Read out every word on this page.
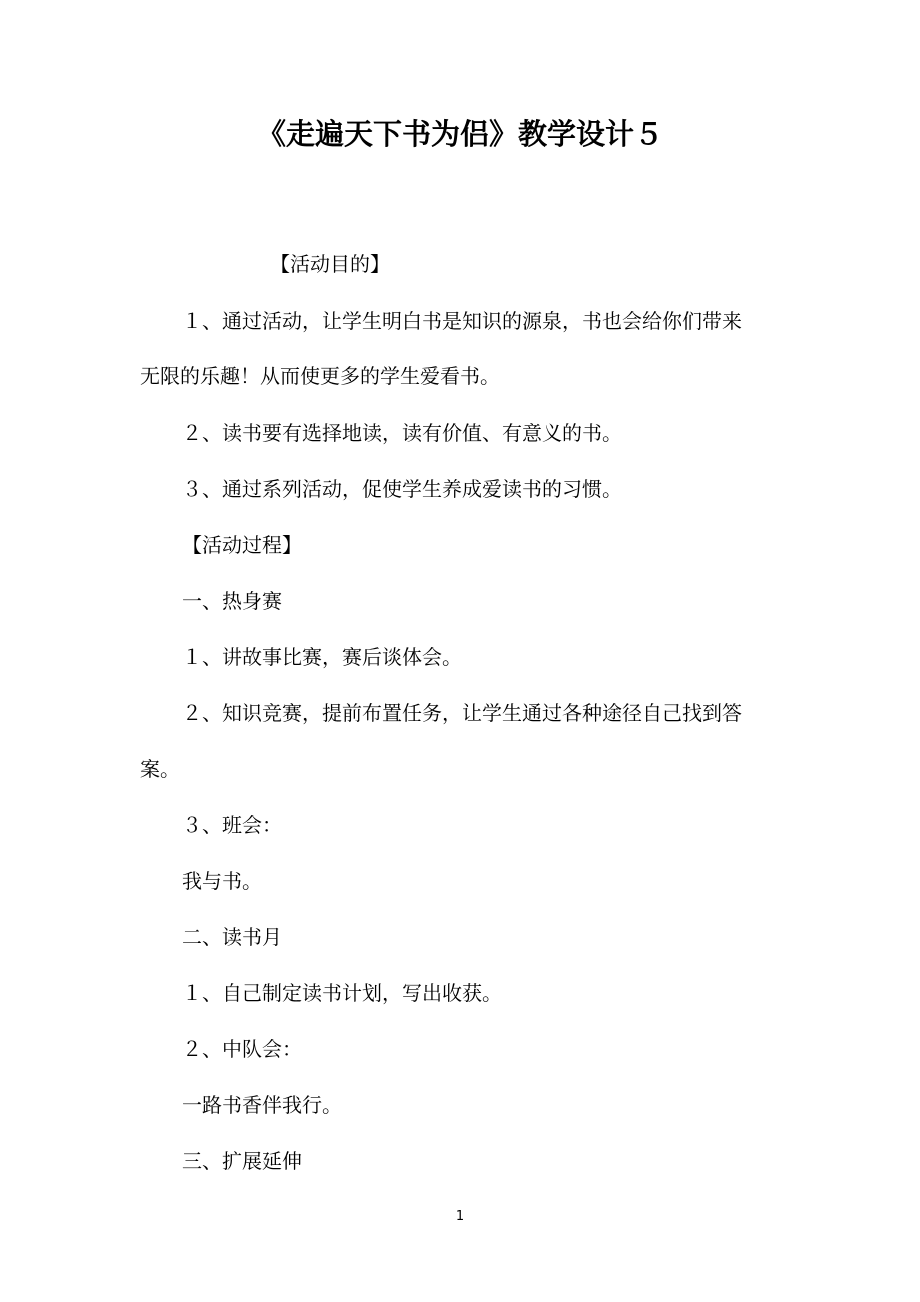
《走遍天下书为侣》教学设计５

【活动目的】

１、通过活动，让学生明白书是知识的源泉，书也会给你们带来

无限的乐趣！从而使更多的学生爱看书。

２、读书要有选择地读，读有价值、有意义的书。

３、通过系列活动，促使学生养成爱读书的习惯。

【活动过程】

一、热身赛

１、讲故事比赛，赛后谈体会。

２、知识竞赛，提前布置任务，让学生通过各种途径自己找到答

案。

３、班会：

我与书。

二、读书月

１、自己制定读书计划，写出收获。

２、中队会：

一路书香伴我行。

三、扩展延伸

1
